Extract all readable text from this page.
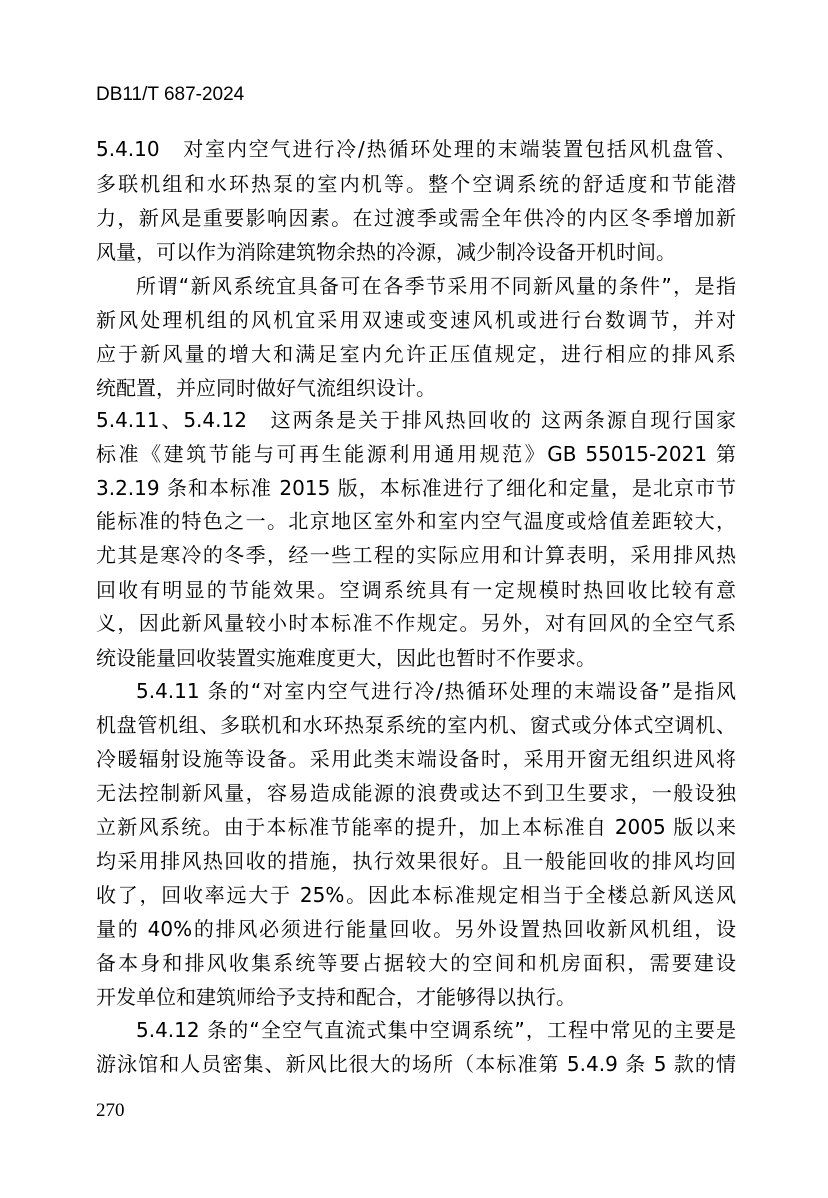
DB11/T 687-2024
5.4.10　对室内空气进行冷/热循环处理的末端装置包括风机盘管、
多联机组和水环热泵的室内机等。整个空调系统的舒适度和节能潜
力，新风是重要影响因素。在过渡季或需全年供冷的内区冬季增加新
风量，可以作为消除建筑物余热的冷源，减少制冷设备开机时间。
所谓“新风系统宜具备可在各季节采用不同新风量的条件”，是指
新风处理机组的风机宜采用双速或变速风机或进行台数调节，并对
应于新风量的增大和满足室内允许正压值规定，进行相应的排风系
统配置，并应同时做好气流组织设计。
5.4.11、5.4.12　这两条是关于排风热回收的 这两条源自现行国家
标准《建筑节能与可再生能源利用通用规范》GB 55015-2021 第
3.2.19 条和本标准 2015 版，本标准进行了细化和定量，是北京市节
能标准的特色之一。北京地区室外和室内空气温度或焓值差距较大，
尤其是寒冷的冬季，经一些工程的实际应用和计算表明，采用排风热
回收有明显的节能效果。空调系统具有一定规模时热回收比较有意
义，因此新风量较小时本标准不作规定。另外，对有回风的全空气系
统设能量回收装置实施难度更大，因此也暂时不作要求。
5.4.11 条的“对室内空气进行冷/热循环处理的末端设备”是指风
机盘管机组、多联机和水环热泵系统的室内机、窗式或分体式空调机、
冷暖辐射设施等设备。采用此类末端设备时，采用开窗无组织进风将
无法控制新风量，容易造成能源的浪费或达不到卫生要求，一般设独
立新风系统。由于本标准节能率的提升，加上本标准自 2005 版以来
均采用排风热回收的措施，执行效果很好。且一般能回收的排风均回
收了，回收率远大于 25%。因此本标准规定相当于全楼总新风送风
量的 40%的排风必须进行能量回收。另外设置热回收新风机组，设
备本身和排风收集系统等要占据较大的空间和机房面积，需要建设
开发单位和建筑师给予支持和配合，才能够得以执行。
5.4.12 条的“全空气直流式集中空调系统”，工程中常见的主要是
游泳馆和人员密集、新风比很大的场所（本标准第 5.4.9 条 5 款的情
270
